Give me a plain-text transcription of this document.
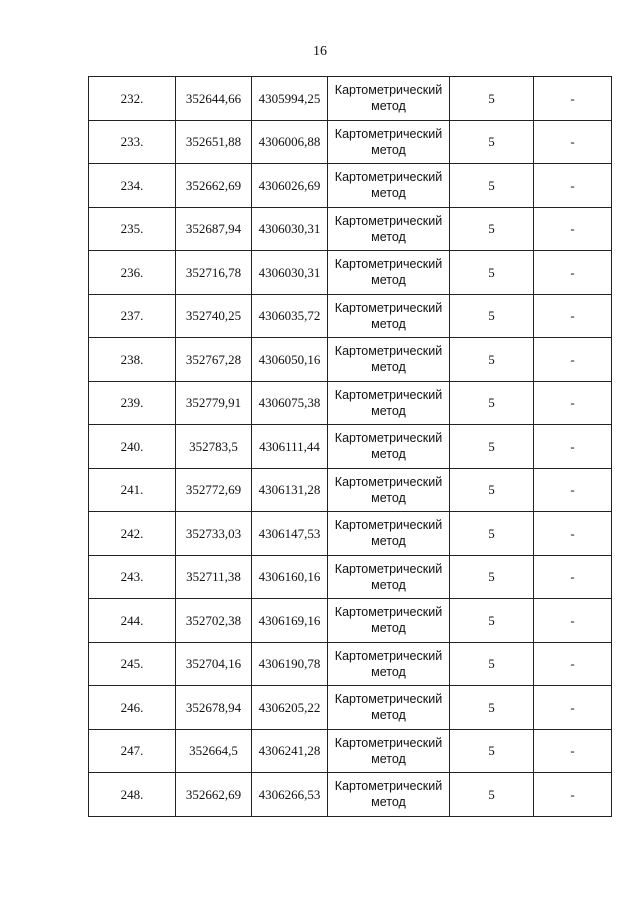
16
232.	352644,66	4305994,25	Картометрический метод	5	-
233.	352651,88	4306006,88	Картометрический метод	5	-
234.	352662,69	4306026,69	Картометрический метод	5	-
235.	352687,94	4306030,31	Картометрический метод	5	-
236.	352716,78	4306030,31	Картометрический метод	5	-
237.	352740,25	4306035,72	Картометрический метод	5	-
238.	352767,28	4306050,16	Картометрический метод	5	-
239.	352779,91	4306075,38	Картометрический метод	5	-
240.	352783,5	4306111,44	Картометрический метод	5	-
241.	352772,69	4306131,28	Картометрический метод	5	-
242.	352733,03	4306147,53	Картометрический метод	5	-
243.	352711,38	4306160,16	Картометрический метод	5	-
244.	352702,38	4306169,16	Картометрический метод	5	-
245.	352704,16	4306190,78	Картометрический метод	5	-
246.	352678,94	4306205,22	Картометрический метод	5	-
247.	352664,5	4306241,28	Картометрический метод	5	-
248.	352662,69	4306266,53	Картометрический метод	5	-
